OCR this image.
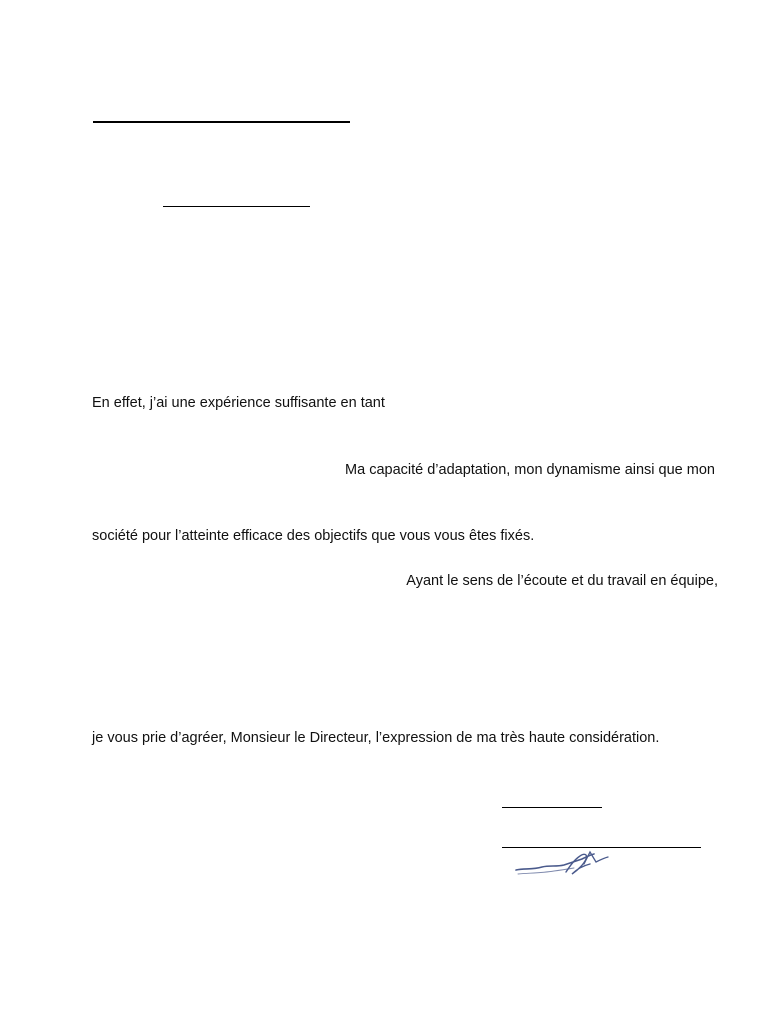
En effet, j’ai une expérience suffisante en tant
Ma capacité d’adaptation, mon dynamisme ainsi que mon
société pour l’atteinte efficace des objectifs que vous vous êtes fixés.
Ayant le sens de l’écoute et du travail en équipe,
je vous prie d’agréer, Monsieur le Directeur, l’expression de ma très haute considération.
